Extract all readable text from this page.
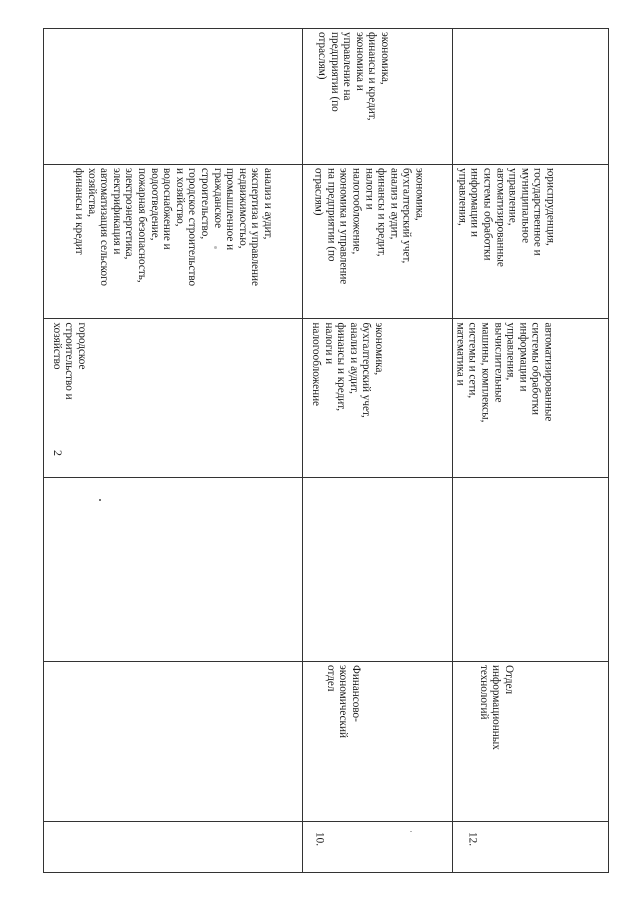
2
городское
строительство и
хозяйство
анализ и аудит,
экспертиза и управление
недвижимостью,
промышленное и
гражданское
строительство,
городское строительство
и хозяйство,
водоснабжение и
водоотведение,
пожарная безопасность,
электроэнергетика,
электрификация и
автоматизация сельского
хозяйства,
финансы и кредит
10.
Финансово-
экономический
отдел
экономика,
бухгалтерский учет,
анализ и аудит,
финансы и кредит,
налоги и
налогообложение
экономика,
бухгалтерский учет,
анализ и аудит,
финансы и кредит,
налоги и
налогообложение,
экономика и управление
на предприятии (по
отраслям)
экономика,
финансы и кредит,
экономика и
управление на
предприятии (по
отраслям)
12.
Отдел
информационных
технологий
автоматизированные
системы обработки
информации и
управления,
вычислительные
машины, комплексы,
системы и сети,
математика и
юриспруденция,
государственное и
муниципальное
управление,
автоматизированные
системы обработки
информации и
управления,
